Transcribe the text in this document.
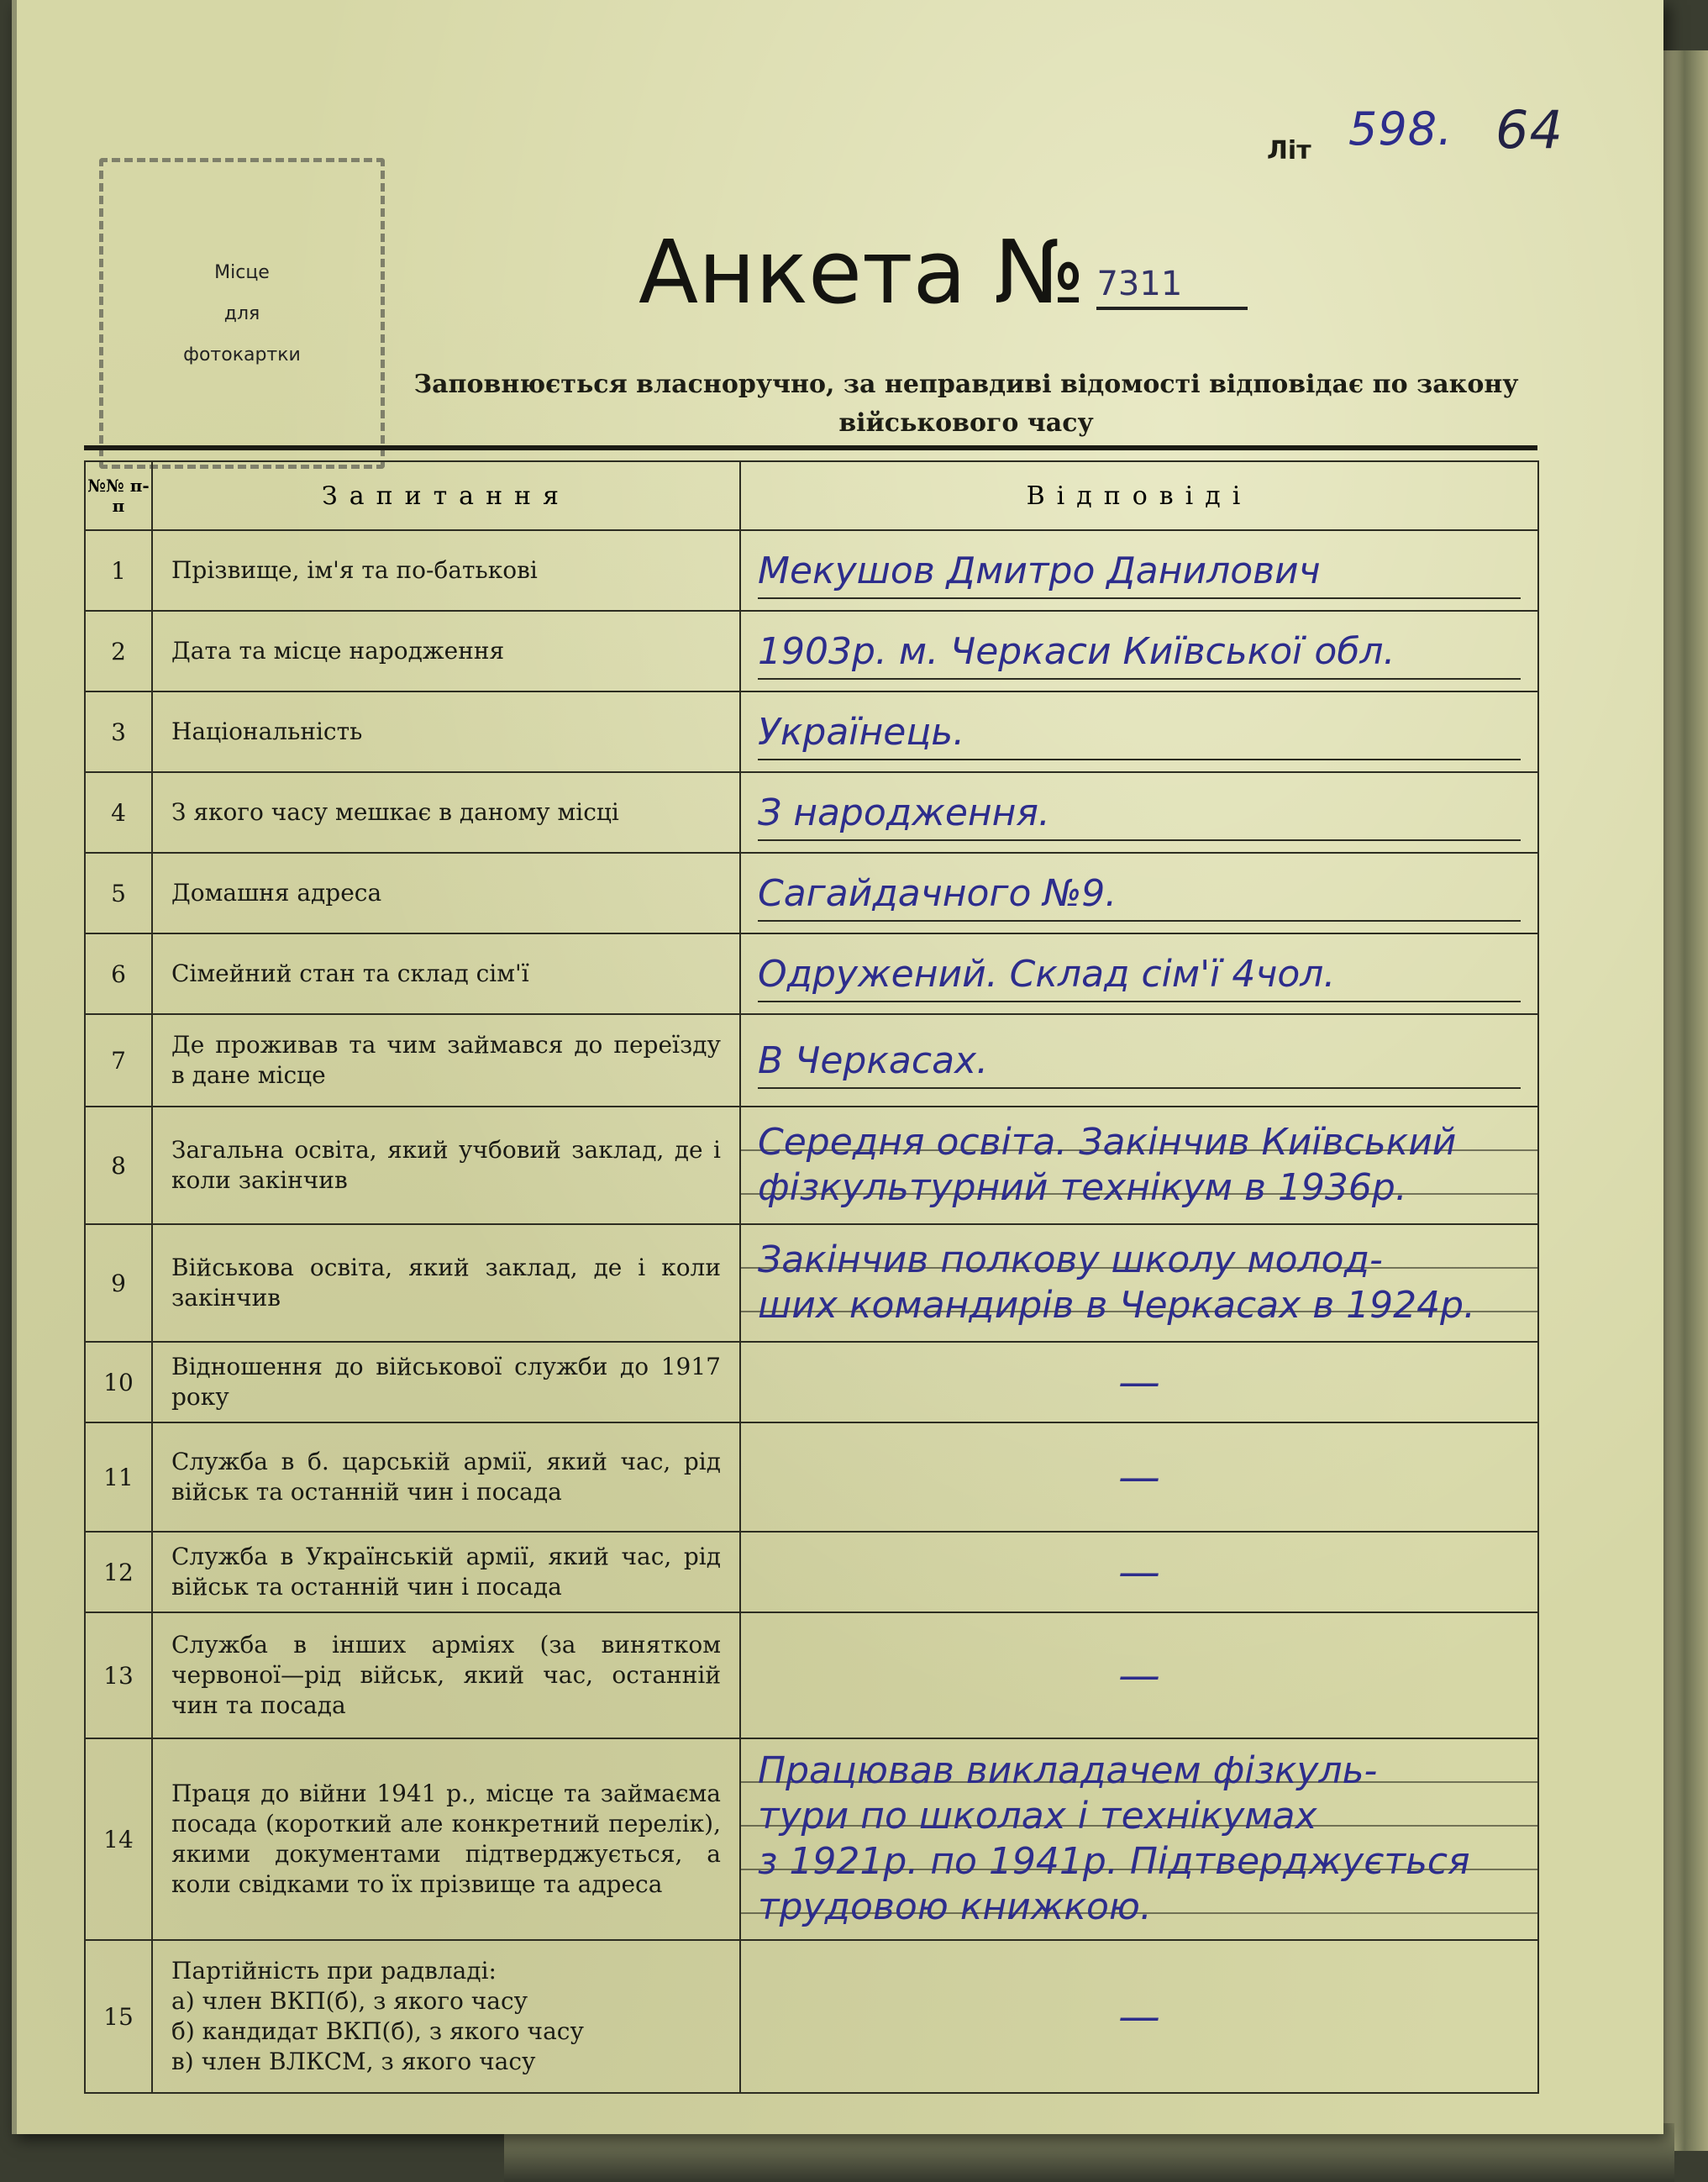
Літ 598. 64
Місце
для
фотокартки
Анкета № 7311
Заповнюється власноручно, за неправдиві відомості відповідає по закону
військового часу
№№ п-п	Запитання	Відповіді
1	Прізвище, ім'я та по-батькові	Мекушов Дмитро Данилович

2	Дата та місце народження	1903р. м. Черкаси Київської обл.

3	Національність	Українець.

4	З якого часу мешкає в даному місці	З народження.

5	Домашня адреса	Сагайдачного №9.

6	Сімейний стан та склад сім'ї	Одружений. Склад сім'ї 4чол.

7	Де проживав та чим займався до переїзду в дане місце	В Черкасах.

8	Загальна освіта, який учбовий заклад, де і коли закінчив	Середня освіта. Закінчив Київський
фізкультурний технікум в 1936р.

9	Військова освіта, який заклад, де і коли закінчив	Закінчив полкову школу молод-
ших командирів в Черкасах в 1924р.

10	Відношення до військової служби до 1917 року	—
11	Служба в б. царській армії, який час, рід військ та останній чин і посада	—
12	Служба в Українській армії, який час, рід військ та останній чин і посада	—
13	Служба в інших арміях (за винятком червоної—рід військ, який час, останній чин та посада	—
14	Праця до війни 1941 р., місце та займаєма посада (короткий але конкретний перелік), якими документами підтверджується, а коли свідками то їх прізвище та адреса	Працював викладачем фізкуль-
тури по школах і технікумах
з 1921р. по 1941р. Підтверджується
трудовою книжкою.

15	Партійність при радвладі:
а) член ВКП(б), з якого часу
б) кандидат ВКП(б), з якого часу
в) член ВЛКСМ, з якого часу	—
